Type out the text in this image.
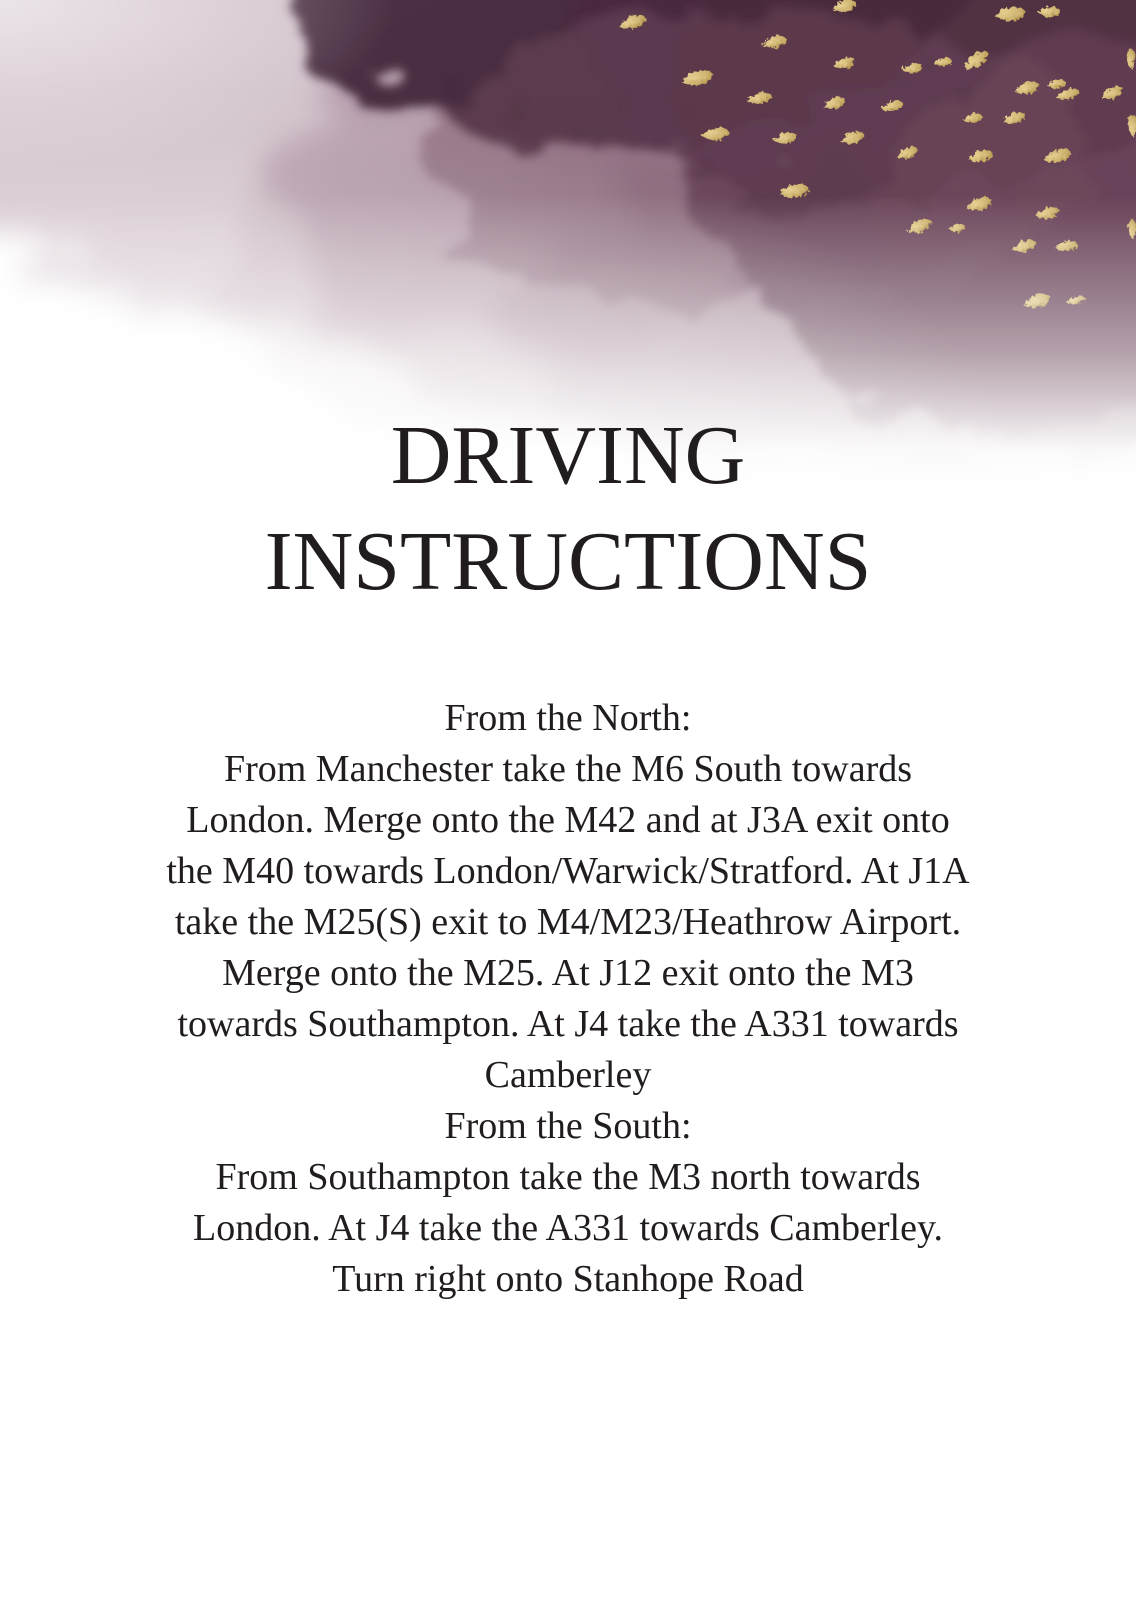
DRIVING
INSTRUCTIONS
From the North:
From Manchester take the M6 South towards
London. Merge onto the M42 and at J3A exit onto
the M40 towards London/Warwick/Stratford. At J1A
take the M25(S) exit to M4/M23/Heathrow Airport.
Merge onto the M25. At J12 exit onto the M3
towards Southampton. At J4 take the A331 towards
Camberley
From the South:
From Southampton take the M3 north towards
London. At J4 take the A331 towards Camberley.
Turn right onto Stanhope Road
